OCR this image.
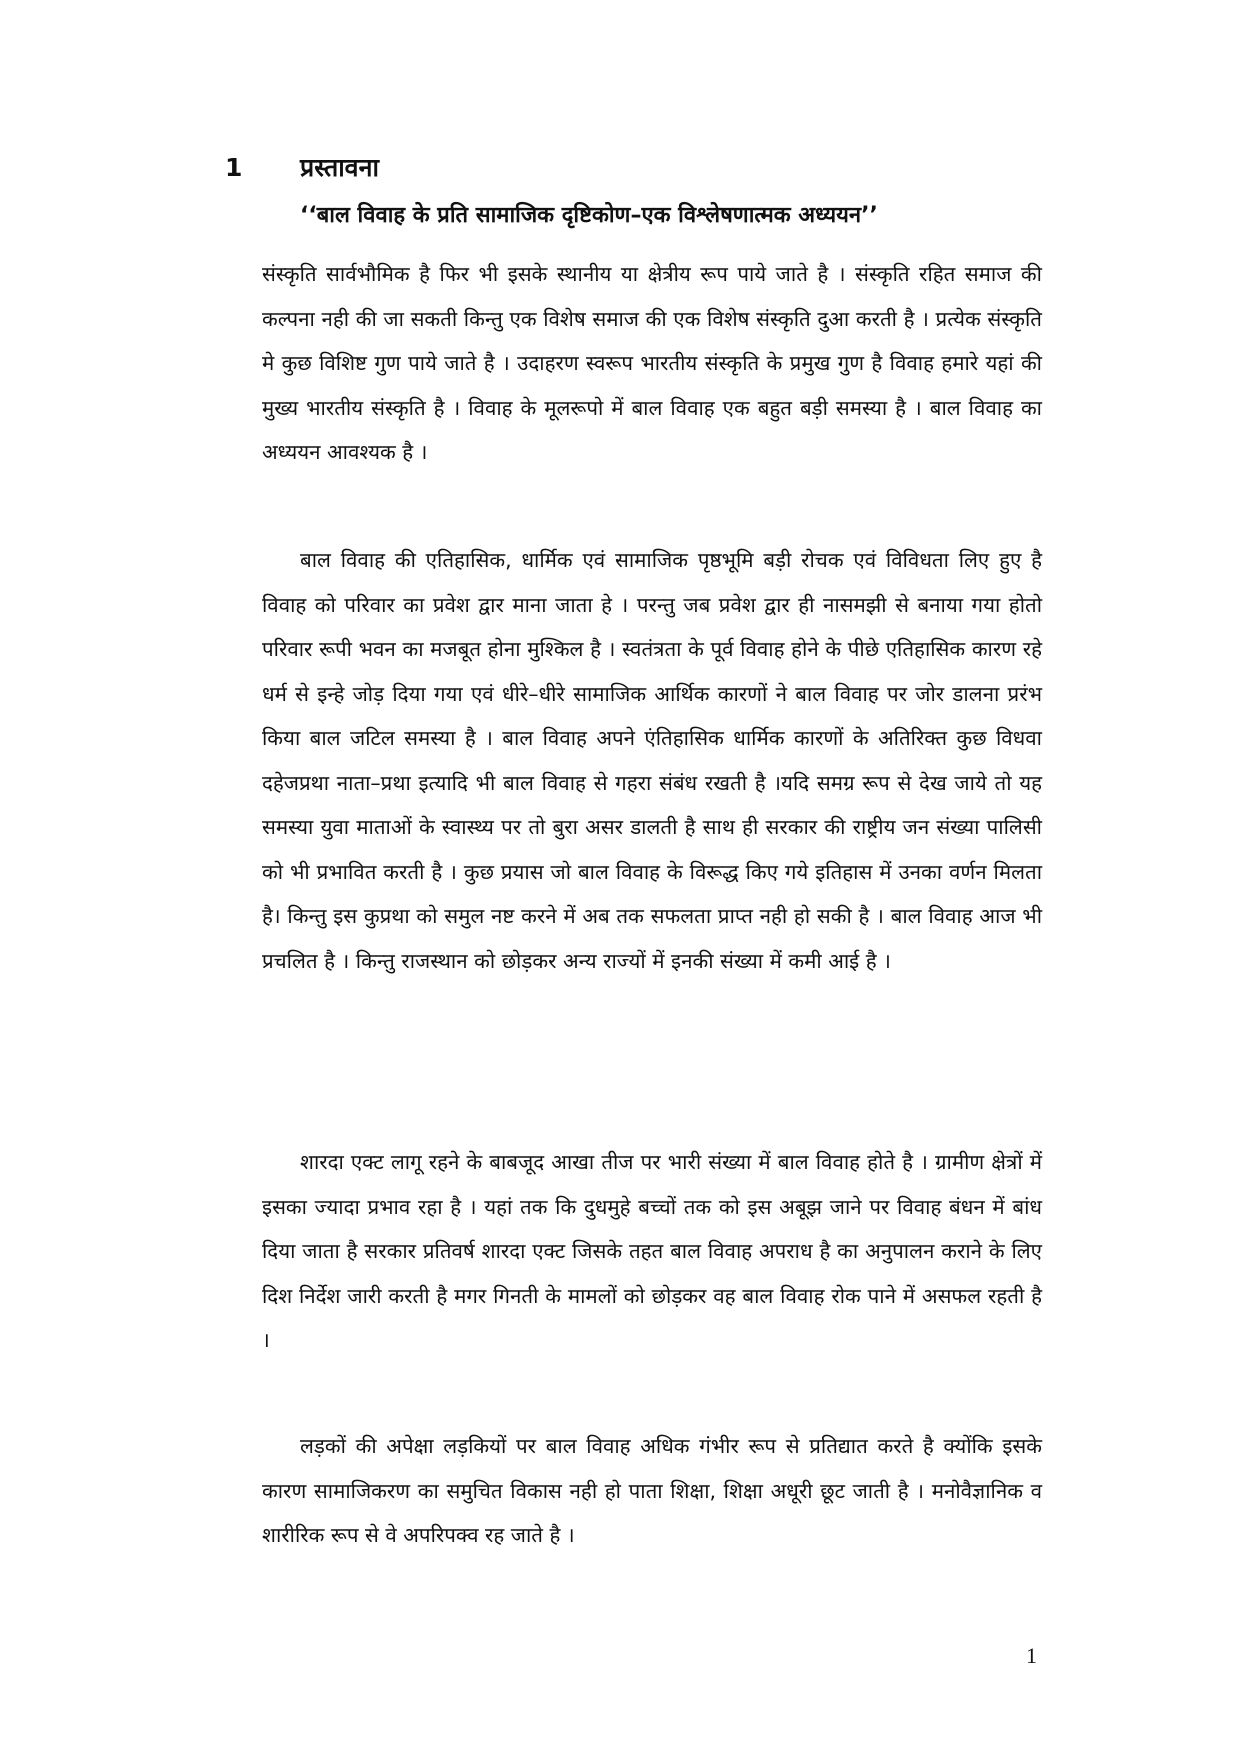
1 प्रस्तावना
‘‘बाल विवाह के प्रति सामाजिक दृष्टिकोण–एक विश्लेषणात्मक अध्ययन’’

संस्कृति सार्वभौमिक है फिर भी इसके स्थानीय या क्षेत्रीय रूप पाये जाते है । संस्कृति रहित समाज की कल्पना नही की जा सकती किन्तु एक विशेष समाज की एक विशेष संस्कृति दुआ करती है । प्रत्येक संस्कृति मे कुछ विशिष्ट गुण पाये जाते है । उदाहरण स्वरूप भारतीय संस्कृति के प्रमुख गुण है विवाह हमारे यहां की मुख्य भारतीय संस्कृति है । विवाह के मूलरूपो में बाल विवाह एक बहुत बड़ी समस्या है । बाल विवाह का अध्ययन आवश्यक है ।

बाल विवाह की एतिहासिक, धार्मिक एवं सामाजिक पृष्ठभूमि बड़ी रोचक एवं विविधता लिए हुए है विवाह को परिवार का प्रवेश द्वार माना जाता हे । परन्तु जब प्रवेश द्वार ही नासमझी से बनाया गया होतो परिवार रूपी भवन का मजबूत होना मुश्किल है । स्वतंत्रता के पूर्व विवाह होने के पीछे एतिहासिक कारण रहे धर्म से इन्हे जोड़ दिया गया एवं धीरे–धीरे सामाजिक आर्थिक कारणों ने बाल विवाह पर जोर डालना प्ररंभ किया बाल जटिल समस्या है । बाल विवाह अपने एंतिहासिक धार्मिक कारणों के अतिरिक्त कुछ विधवा दहेजप्रथा नाता–प्रथा इत्यादि भी बाल विवाह से गहरा संबंध रखती है ।यदि समग्र रूप से देख जाये तो यह समस्या युवा माताओं के स्वास्थ्य पर तो बुरा असर डालती है साथ ही सरकार की राष्ट्रीय जन संख्या पालिसी को भी प्रभावित करती है । कुछ प्रयास जो बाल विवाह के विरूद्ध किए गये इतिहास में उनका वर्णन मिलता है। किन्तु इस कुप्रथा को समुल नष्ट करने में अब तक सफलता प्राप्त नही हो सकी है । बाल विवाह आज भी प्रचलित है । किन्तु राजस्थान को छोड़कर अन्य राज्यों में इनकी संख्या में कमी आई है ।

शारदा एक्ट लागू रहने के बाबजूद आखा तीज पर भारी संख्या में बाल विवाह होते है । ग्रामीण क्षेत्रों में इसका ज्यादा प्रभाव रहा है । यहां तक कि दुधमुहे बच्चों तक को इस अबूझ जाने पर विवाह बंधन में बांध दिया जाता है सरकार प्रतिवर्ष शारदा एक्ट जिसके तहत बाल विवाह अपराध है का अनुपालन कराने के लिए दिश निर्देश जारी करती है मगर गिनती के मामलों को छोड़कर वह बाल विवाह रोक पाने में असफल रहती है ।

लड़कों की अपेक्षा लड़कियों पर बाल विवाह अधिक गंभीर रूप से प्रतिद्यात करते है क्योंकि इसके कारण सामाजिकरण का समुचित विकास नही हो पाता शिक्षा, शिक्षा अधूरी छूट जाती है । मनोवैज्ञानिक व शारीरिक रूप से वे अपरिपक्व रह जाते है ।

1
